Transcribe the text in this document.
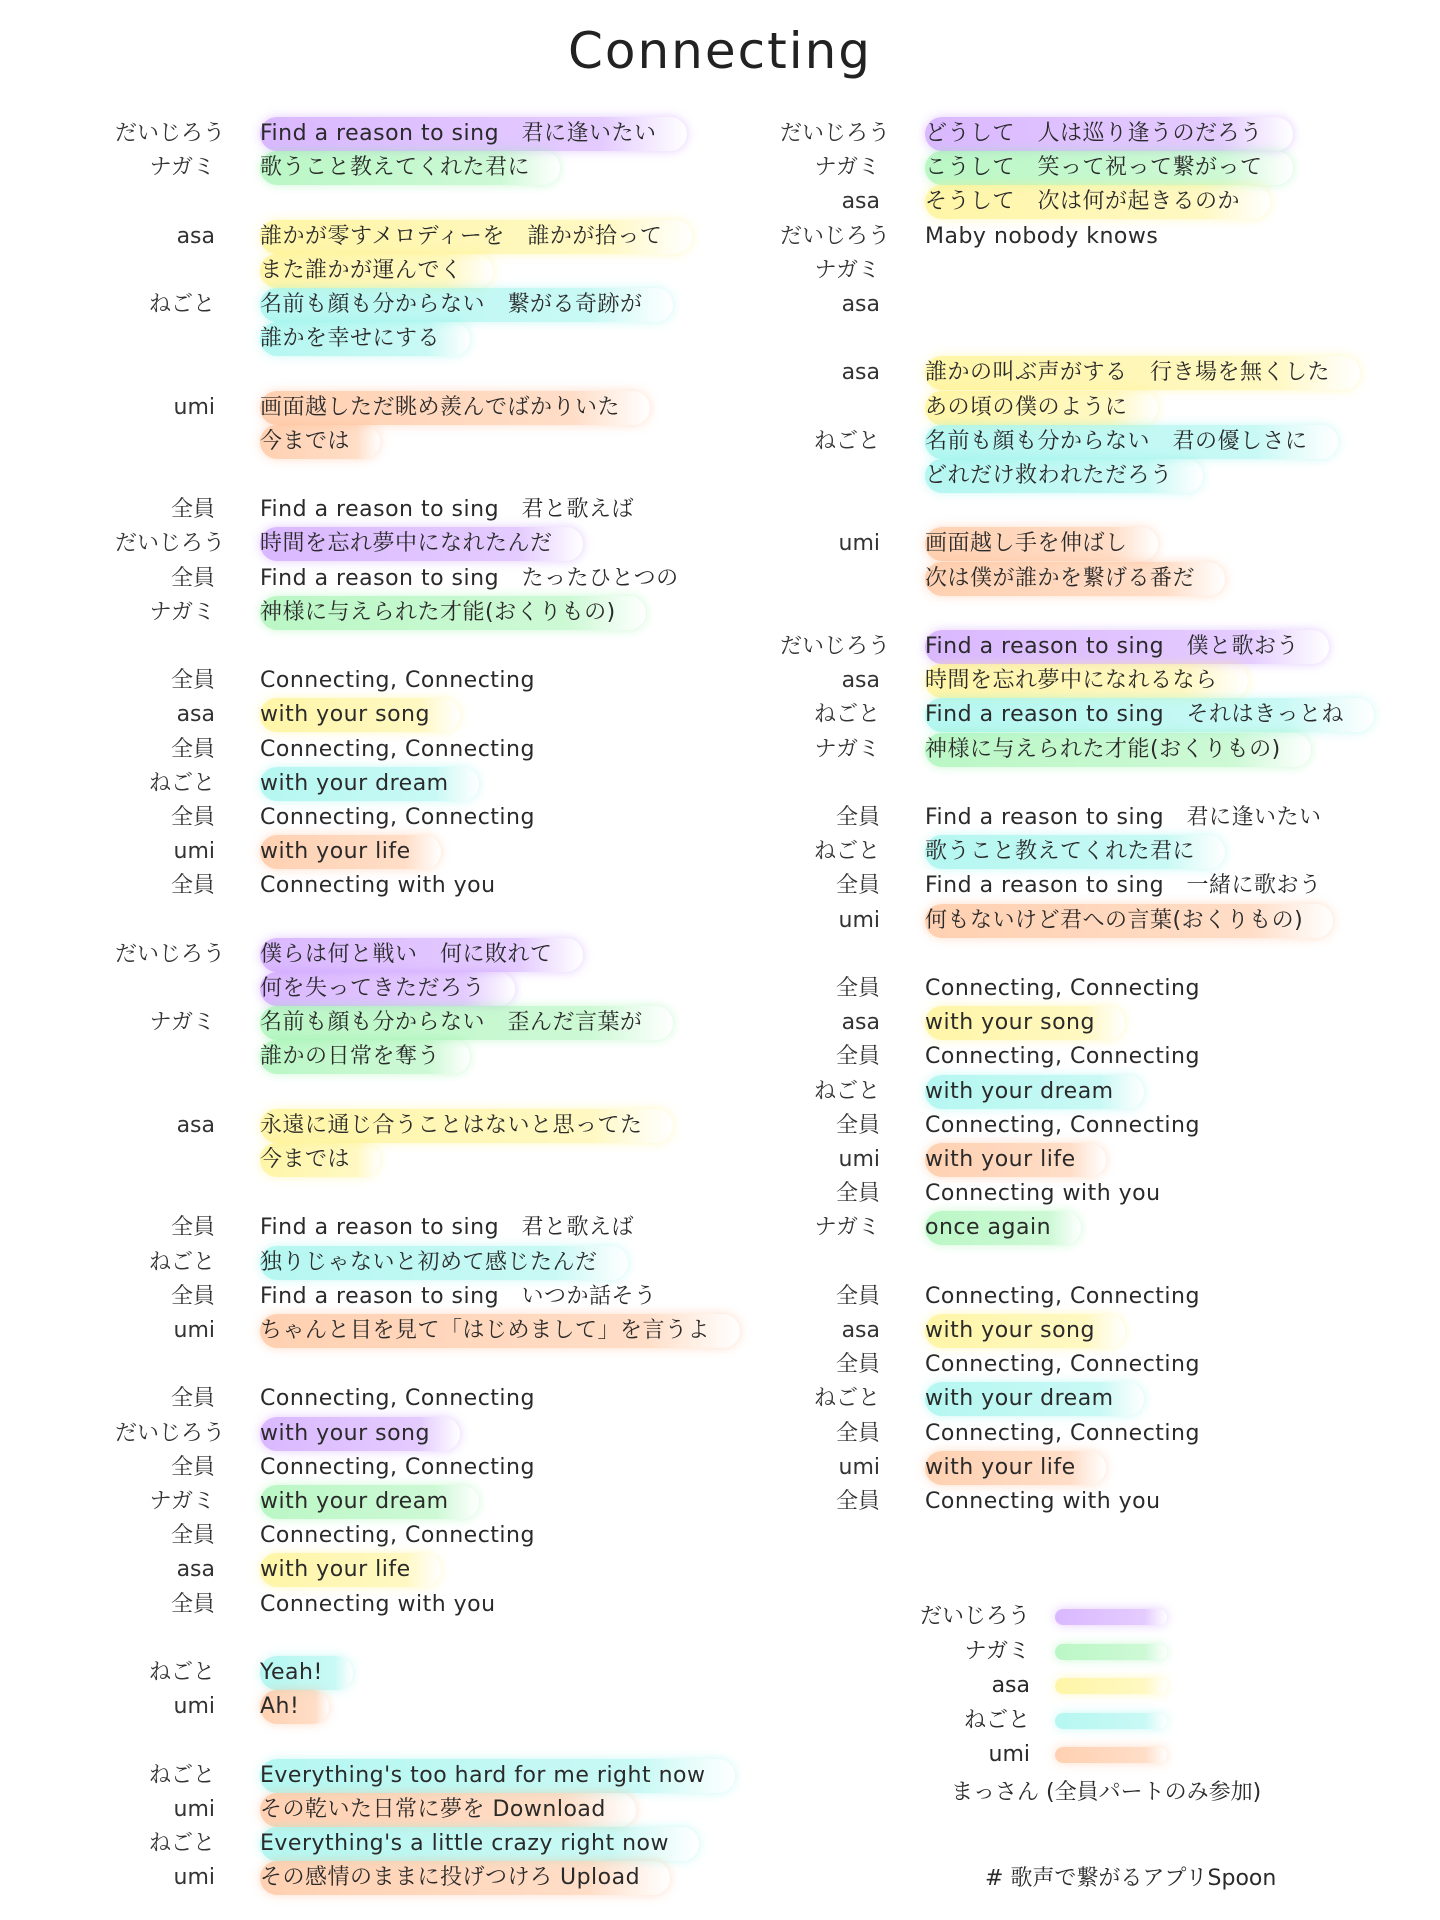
Connecting
だいじろう Find a reason to sing　君に逢いたい
ナガミ 歌うこと教えてくれた君に
asa 誰かが零すメロディーを　誰かが拾って
また誰かが運んでく
ねごと 名前も顔も分からない　繋がる奇跡が
誰かを幸せにする
umi 画面越しただ眺め羨んでばかりいた
今までは
全員 Find a reason to sing　君と歌えば
だいじろう 時間を忘れ夢中になれたんだ
全員 Find a reason to sing　たったひとつの
ナガミ 神様に与えられた才能(おくりもの)
全員 Connecting, Connecting
asa with your song
全員 Connecting, Connecting
ねごと with your dream
全員 Connecting, Connecting
umi with your life
全員 Connecting with you
だいじろう 僕らは何と戦い　何に敗れて
何を失ってきただろう
ナガミ 名前も顔も分からない　歪んだ言葉が
誰かの日常を奪う
asa 永遠に通じ合うことはないと思ってた
今までは
全員 Find a reason to sing　君と歌えば
ねごと 独りじゃないと初めて感じたんだ
全員 Find a reason to sing　いつか話そう
umi ちゃんと目を見て「はじめまして」を言うよ
全員 Connecting, Connecting
だいじろう with your song
全員 Connecting, Connecting
ナガミ with your dream
全員 Connecting, Connecting
asa with your life
全員 Connecting with you
ねごと Yeah!
umi Ah!
ねごと Everything's too hard for me right now
umi その乾いた日常に夢を Download
ねごと Everything's a little crazy right now
umi その感情のままに投げつけろ Upload
だいじろう どうして　人は巡り逢うのだろう
ナガミ こうして　笑って祝って繋がって
asa そうして　次は何が起きるのか
だいじろう Maby nobody knows
ナガミ
asa
asa 誰かの叫ぶ声がする　行き場を無くした
あの頃の僕のように
ねごと 名前も顔も分からない　君の優しさに
どれだけ救われただろう
umi 画面越し手を伸ばし
次は僕が誰かを繋げる番だ
だいじろう Find a reason to sing　僕と歌おう
asa 時間を忘れ夢中になれるなら
ねごと Find a reason to sing　それはきっとね
ナガミ 神様に与えられた才能(おくりもの)
全員 Find a reason to sing　君に逢いたい
ねごと 歌うこと教えてくれた君に
全員 Find a reason to sing　一緒に歌おう
umi 何もないけど君への言葉(おくりもの)
全員 Connecting, Connecting
asa with your song
全員 Connecting, Connecting
ねごと with your dream
全員 Connecting, Connecting
umi with your life
全員 Connecting with you
ナガミ once again
全員 Connecting, Connecting
asa with your song
全員 Connecting, Connecting
ねごと with your dream
全員 Connecting, Connecting
umi with your life
全員 Connecting with you
だいじろう
ナガミ
asa
ねごと
umi
まっさん (全員パートのみ参加)
# 歌声で繋がるアプリSpoon
